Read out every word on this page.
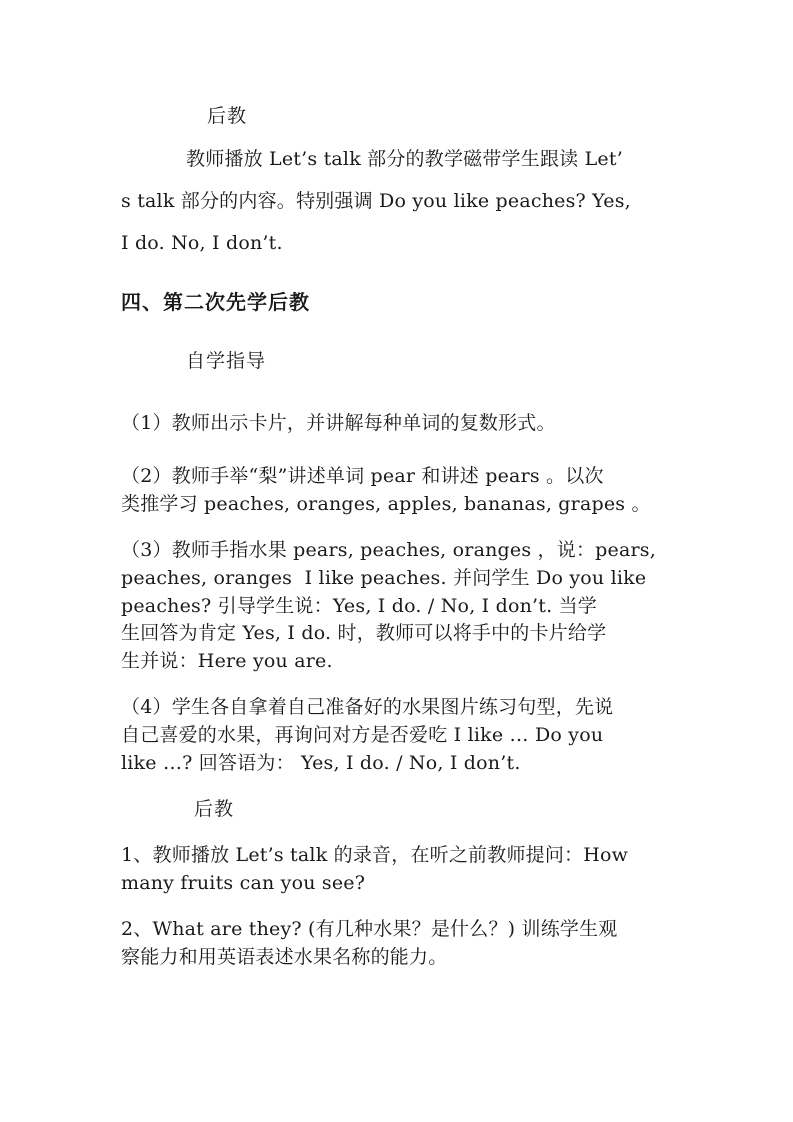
后教
教师播放 Let’s talk 部分的教学磁带学生跟读 Let’
s talk 部分的内容。特别强调 Do you like peaches? Yes,
I do. No, I don’t.
四、第二次先学后教
自学指导
（1）教师出示卡片，并讲解每种单词的复数形式。
（2）教师手举“梨”讲述单词 pear 和讲述 pears 。以次
类推学习 peaches, oranges, apples, bananas, grapes 。
（3）教师手指水果 pears, peaches, oranges ，说：pears,
peaches, oranges  I like peaches. 并问学生 Do you like
peaches? 引导学生说：Yes, I do. / No, I don’t. 当学
生回答为肯定 Yes, I do. 时，教师可以将手中的卡片给学
生并说：Here you are.
（4）学生各自拿着自己准备好的水果图片练习句型，先说
自己喜爱的水果，再询问对方是否爱吃 I like … Do you
like …? 回答语为： Yes, I do. / No, I don’t.
后教
1、教师播放 Let’s talk 的录音，在听之前教师提问：How
many fruits can you see?
2、What are they? (有几种水果？是什么？) 训练学生观
察能力和用英语表述水果名称的能力。
